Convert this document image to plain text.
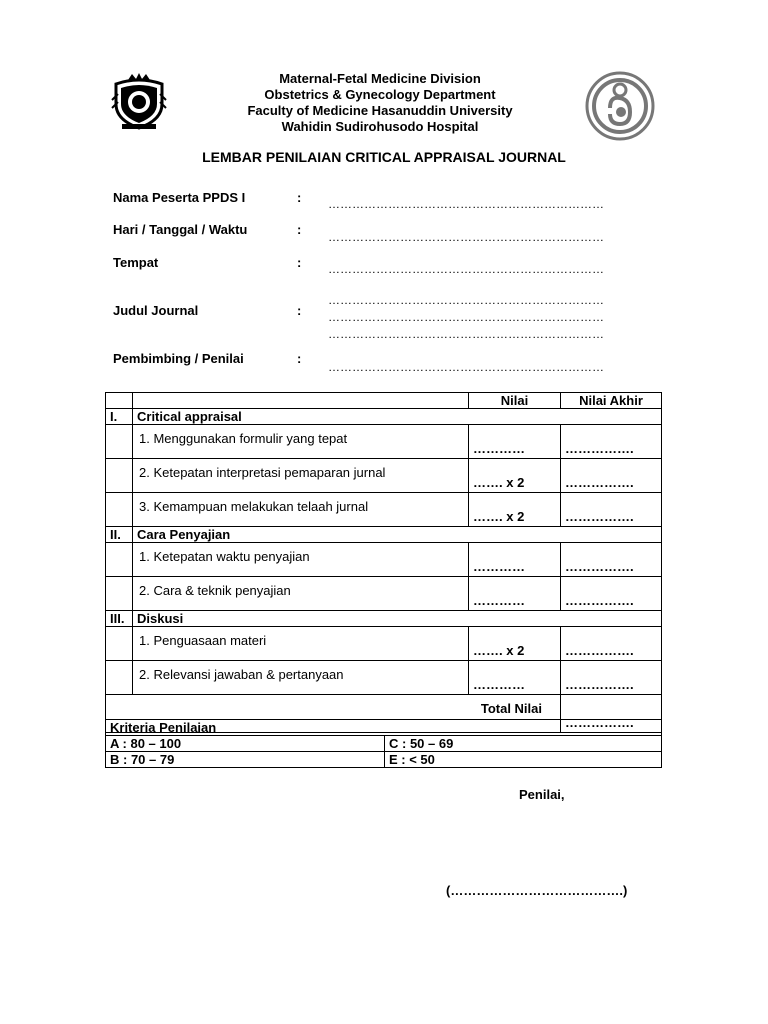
Maternal-Fetal Medicine Division
Obstetrics & Gynecology Department
Faculty of Medicine Hasanuddin University
Wahidin Sudirohusodo Hospital
LEMBAR PENILAIAN CRITICAL APPRAISAL JOURNAL
Nama Peserta PPDS I	: ……………………………………………………………
Hari / Tanggal / Waktu	: ……………………………………………………………
Tempat	: ……………………………………………………………
Judul Journal	:
……………………………………………………………
……………………………………………………………
……………………………………………………………
Pembimbing / Penilai	:
……………………………………………………………
		Nilai	Nilai Akhir
I.	Critical appraisal		

	1. Menggunakan formulir yang tepat	…………	…………….

	2. Ketepatan interpretasi pemaparan jurnal	……. x 2	…………….

	3. Kemampuan melakukan telaah jurnal	……. x 2	…………….
II.	Cara Penyajian		

	1. Ketepatan waktu penyajian	…………	…………….

	2. Cara & teknik penyajian	…………	…………….
III.	Diskusi		

	1. Penguasaan materi	……. x 2	…………….

	2. Relevansi jawaban & pertanyaan	…………	…………….
Total Nilai			…………….
Kriteria Penilaian	
A : 80 – 100	C : 50 – 69
B : 70 – 79	E : < 50
Penilai,
(………………………………….)
